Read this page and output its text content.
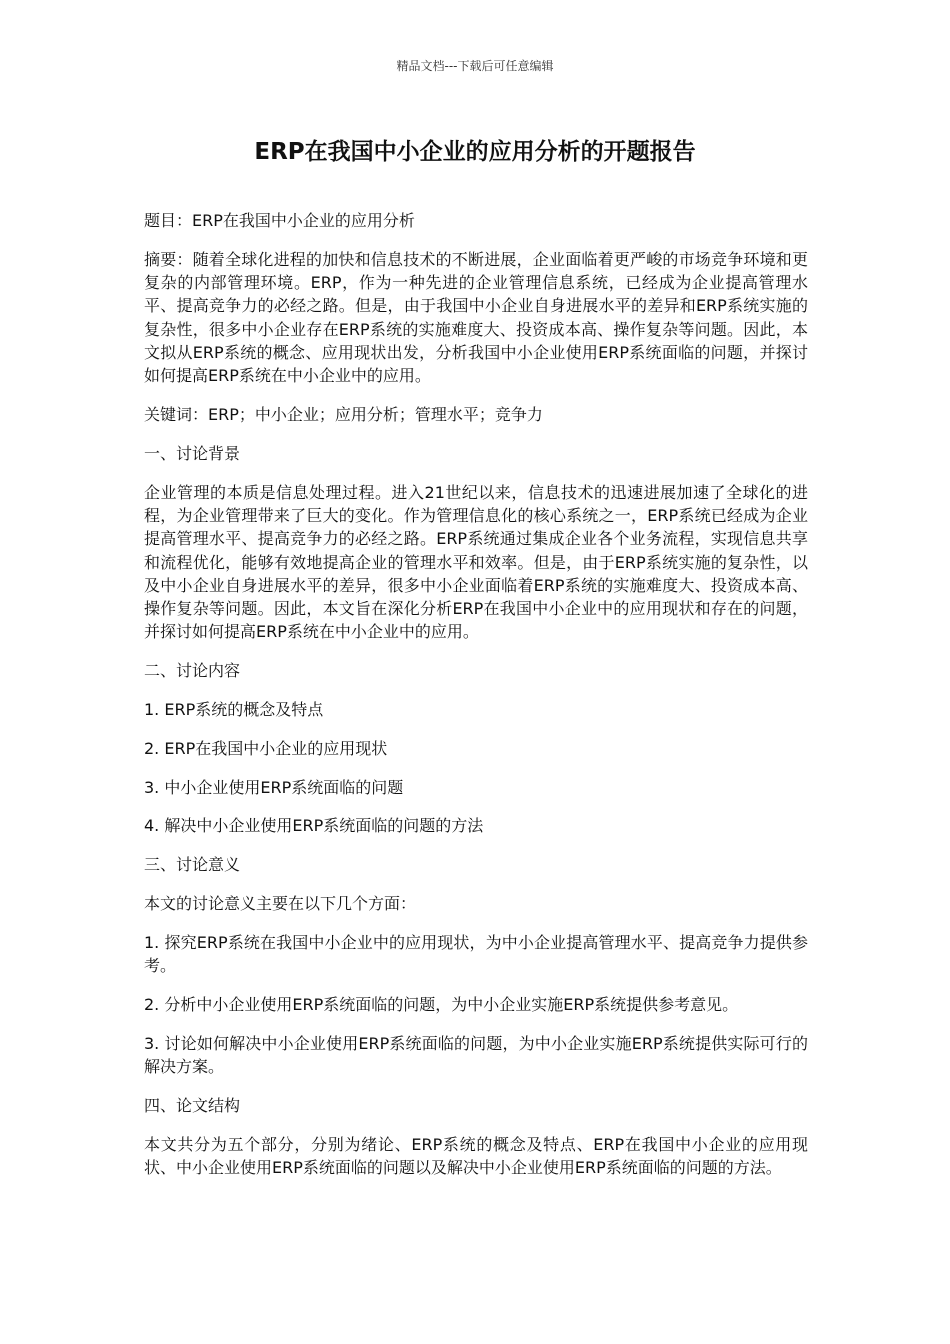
精品文档---下载后可任意编辑
ERP在我国中小企业的应用分析的开题报告

题目：ERP在我国中小企业的应用分析

摘要：随着全球化进程的加快和信息技术的不断进展，企业面临着更严峻的市场竞争环境和更复杂的内部管理环境。ERP，作为一种先进的企业管理信息系统，已经成为企业提高管理水平、提高竞争力的必经之路。但是，由于我国中小企业自身进展水平的差异和ERP系统实施的复杂性，很多中小企业存在ERP系统的实施难度大、投资成本高、操作复杂等问题。因此，本文拟从ERP系统的概念、应用现状出发，分析我国中小企业使用ERP系统面临的问题，并探讨如何提高ERP系统在中小企业中的应用。

关键词：ERP；中小企业；应用分析；管理水平；竞争力

一、讨论背景

企业管理的本质是信息处理过程。进入21世纪以来，信息技术的迅速进展加速了全球化的进程，为企业管理带来了巨大的变化。作为管理信息化的核心系统之一，ERP系统已经成为企业提高管理水平、提高竞争力的必经之路。ERP系统通过集成企业各个业务流程，实现信息共享和流程优化，能够有效地提高企业的管理水平和效率。但是，由于ERP系统实施的复杂性，以及中小企业自身进展水平的差异，很多中小企业面临着ERP系统的实施难度大、投资成本高、操作复杂等问题。因此，本文旨在深化分析ERP在我国中小企业中的应用现状和存在的问题，并探讨如何提高ERP系统在中小企业中的应用。

二、讨论内容

1. ERP系统的概念及特点

2. ERP在我国中小企业的应用现状

3. 中小企业使用ERP系统面临的问题

4. 解决中小企业使用ERP系统面临的问题的方法

三、讨论意义

本文的讨论意义主要在以下几个方面：

1. 探究ERP系统在我国中小企业中的应用现状，为中小企业提高管理水平、提高竞争力提供参考。

2. 分析中小企业使用ERP系统面临的问题，为中小企业实施ERP系统提供参考意见。

3. 讨论如何解决中小企业使用ERP系统面临的问题，为中小企业实施ERP系统提供实际可行的解决方案。

四、论文结构

本文共分为五个部分，分别为绪论、ERP系统的概念及特点、ERP在我国中小企业的应用现状、中小企业使用ERP系统面临的问题以及解决中小企业使用ERP系统面临的问题的方法。
